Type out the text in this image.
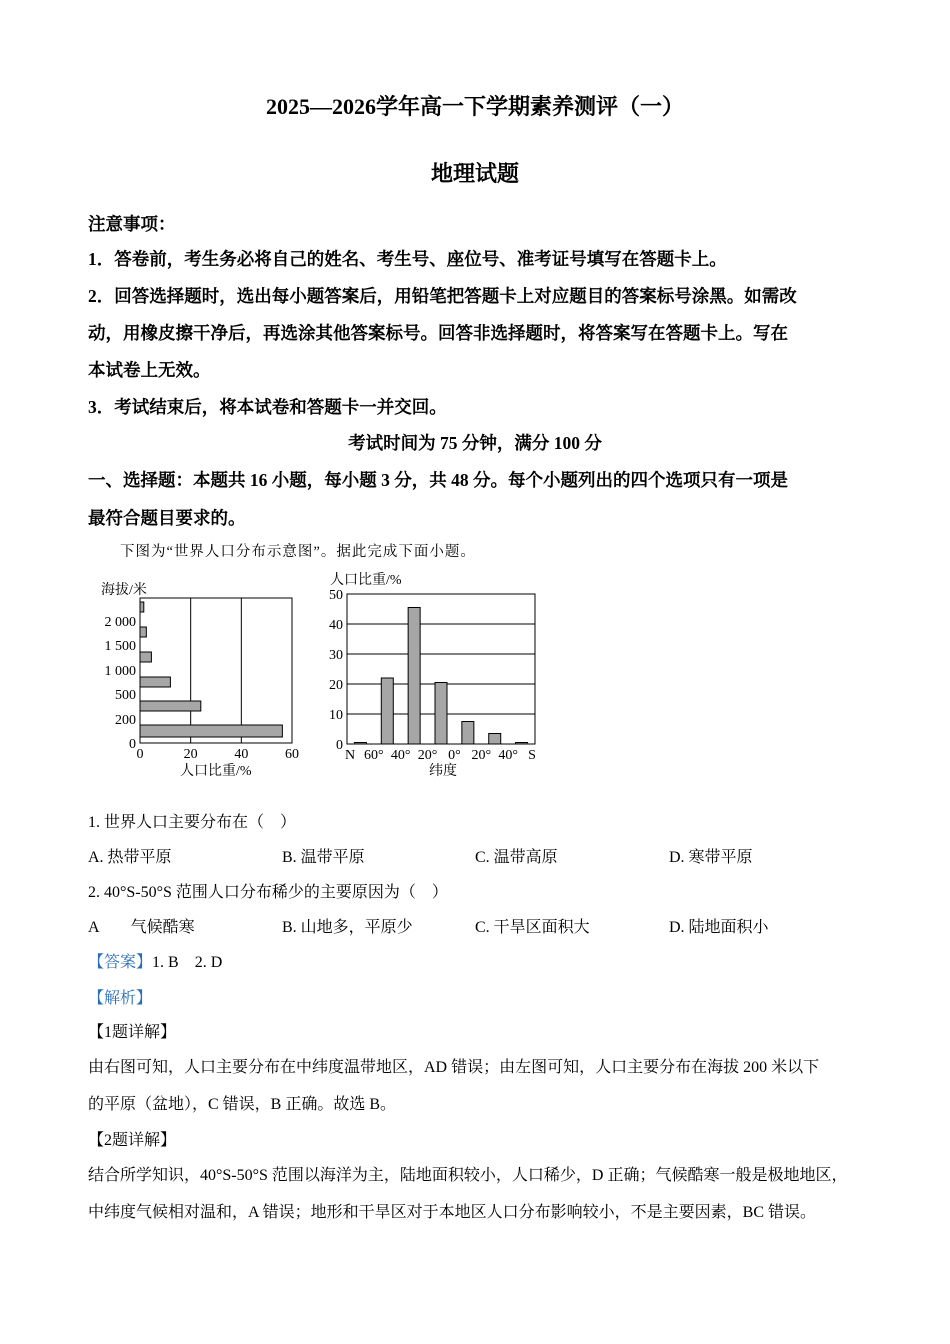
2025—2026学年高一下学期素养测评（一）
地理试题
注意事项：
1．答卷前，考生务必将自己的姓名、考生号、座位号、准考证号填写在答题卡上。
2．回答选择题时，选出每小题答案后，用铅笔把答题卡上对应题目的答案标号涂黑。如需改
动，用橡皮擦干净后，再选涂其他答案标号。回答非选择题时，将答案写在答题卡上。写在
本试卷上无效。
3．考试结束后，将本试卷和答题卡一并交回。
考试时间为 75 分钟，满分 100 分
一、选择题：本题共 16 小题，每小题 3 分，共 48 分。每个小题列出的四个选项只有一项是
最符合题目要求的。
下图为“世界人口分布示意图”。据此完成下面小题。
海拔/米
人口比重/%
0
200
500
1 000
1 500
2 000
0	20	40	60
人口比重/%
纬度
0
10
20
30
40
50
N 60° 40° 20° 0° 20° 40° S
1. 世界人口主要分布在（　）
A. 热带平原	B. 温带平原	C. 温带高原	D. 寒带平原
2. 40°S-50°S 范围人口分布稀少的主要原因为（　）
A　　气候酷寒	B. 山地多，平原少	C. 干旱区面积大	D. 陆地面积小
【答案】1. B　2. D
【解析】
【1题详解】
由右图可知，人口主要分布在中纬度温带地区，AD 错误；由左图可知，人口主要分布在海拔 200 米以下
的平原（盆地），C 错误，B 正确。故选 B。
【2题详解】
结合所学知识，40°S-50°S 范围以海洋为主，陆地面积较小，人口稀少，D 正确；气候酷寒一般是极地地区，
中纬度气候相对温和，A 错误；地形和干旱区对于本地区人口分布影响较小，不是主要因素，BC 错误。
